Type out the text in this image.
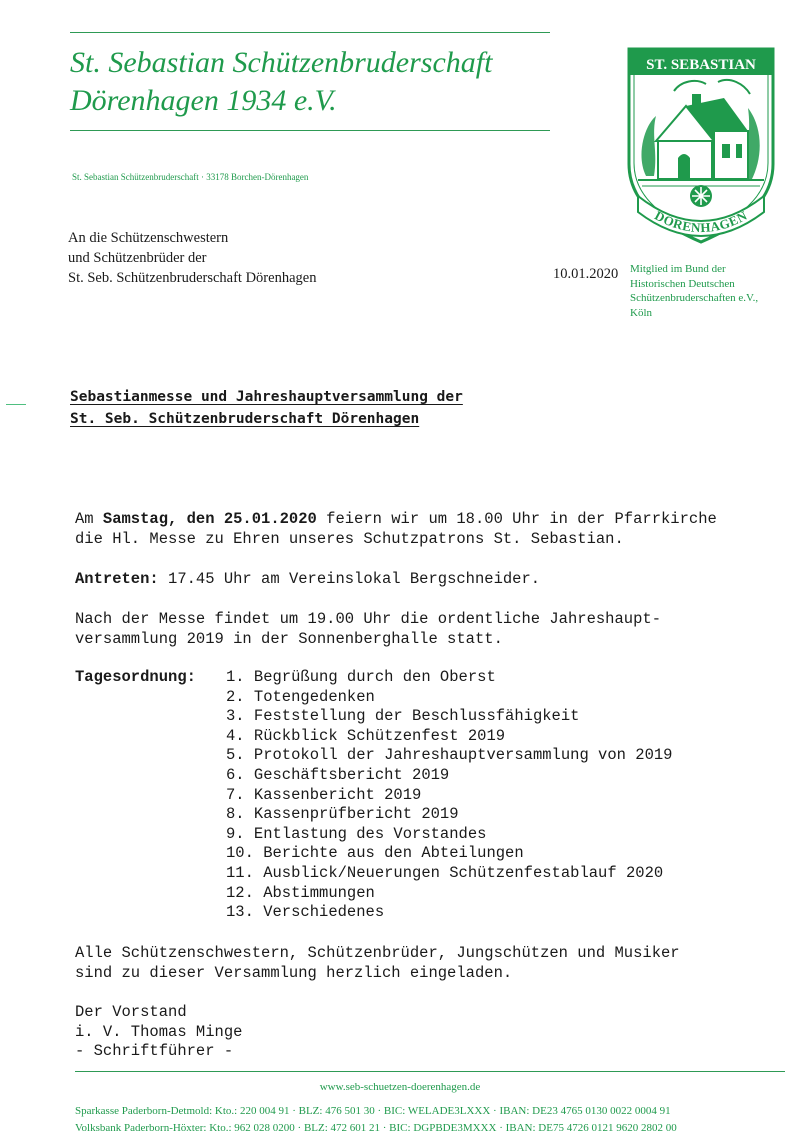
St. Sebastian Schützenbruderschaft
Dörenhagen 1934 e.V.
St. Sebastian Schützenbruderschaft · 33178 Borchen-Dörenhagen
ST. SEBASTIAN
DÖRENHAGEN
An die Schützenschwestern
und Schützenbrüder der
St. Seb. Schützenbruderschaft Dörenhagen	10.01.2020 Mitglied im Bund der
Historischen Deutschen
Schützenbruderschaften e.V.,
Köln
Sebastianmesse und Jahreshauptversammlung der
St. Seb. Schützenbruderschaft Dörenhagen
Am Samstag, den 25.01.2020 feiern wir um 18.00 Uhr in der Pfarrkirche
die Hl. Messe zu Ehren unseres Schutzpatrons St. Sebastian.
Antreten: 17.45 Uhr am Vereinslokal Bergschneider.
Nach der Messe findet um 19.00 Uhr die ordentliche Jahreshaupt-
versammlung 2019 in der Sonnenberghalle statt.
Tagesordnung: 1. Begrüßung durch den Oberst
2. Totengedenken
3. Feststellung der Beschlussfähigkeit
4. Rückblick Schützenfest 2019
5. Protokoll der Jahreshauptversammlung von 2019
6. Geschäftsbericht 2019
7. Kassenbericht 2019
8. Kassenprüfbericht 2019
9. Entlastung des Vorstandes
10. Berichte aus den Abteilungen
11. Ausblick/Neuerungen Schützenfestablauf 2020
12. Abstimmungen
13. Verschiedenes
Alle Schützenschwestern, Schützenbrüder, Jungschützen und Musiker
sind zu dieser Versammlung herzlich eingeladen.
Der Vorstand
i. V. Thomas Minge
- Schriftführer -
www.seb-schuetzen-doerenhagen.de
Sparkasse Paderborn-Detmold: Kto.: 220 004 91 · BLZ: 476 501 30 · BIC: WELADE3LXXX · IBAN: DE23 4765 0130 0022 0004 91
Volksbank Paderborn-Höxter: Kto.: 962 028 0200 · BLZ: 472 601 21 · BIC: DGPBDE3MXXX · IBAN: DE75 4726 0121 9620 2802 00
